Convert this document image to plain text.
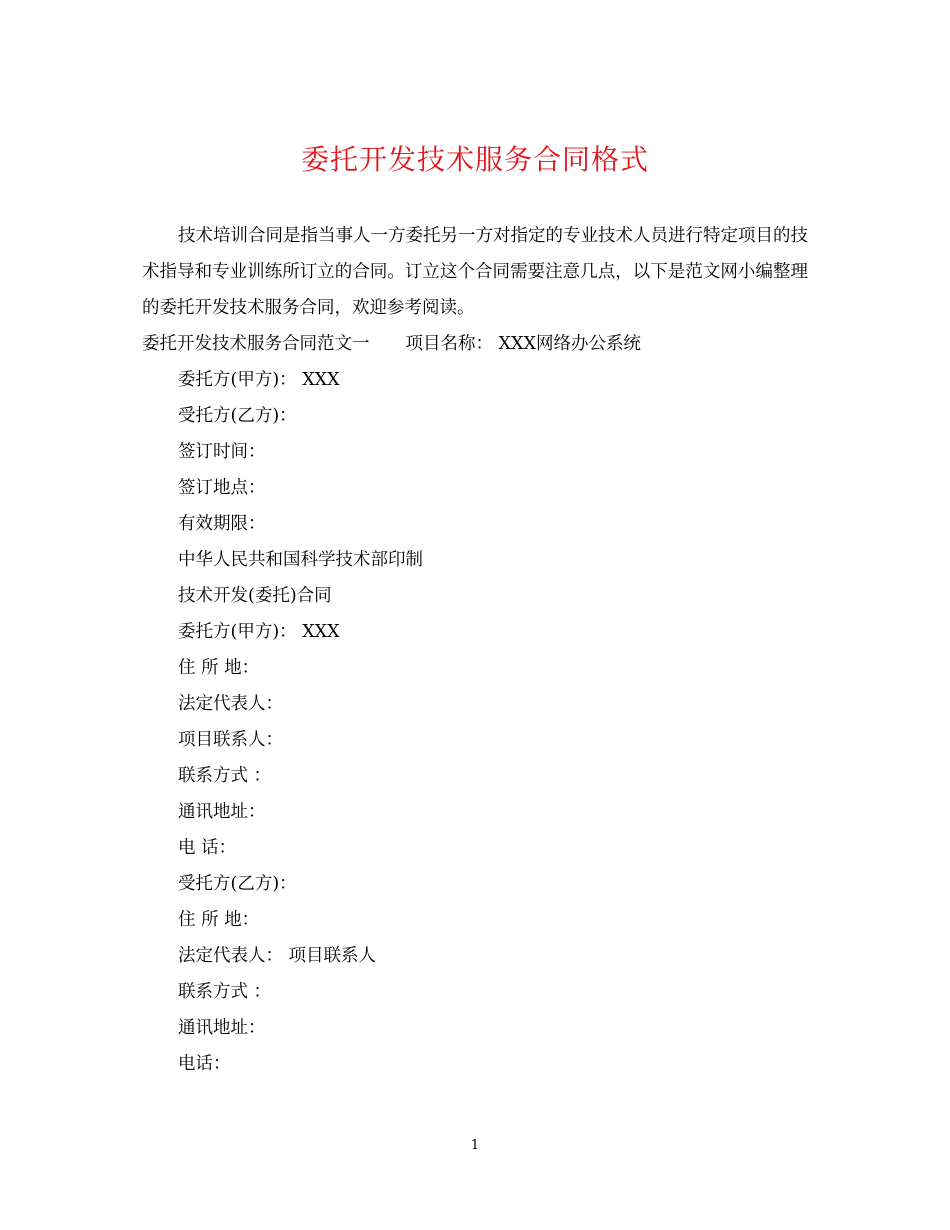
委托开发技术服务合同格式

技术培训合同是指当事人一方委托另一方对指定的专业技术人员进行特定项目的技术指导和专业训练所订立的合同。订立这个合同需要注意几点，以下是范文网小编整理的委托开发技术服务合同，欢迎参考阅读。

委托开发技术服务合同范文一 项目名称： XXX网络办公系统
委托方(甲方)： XXX
受托方(乙方)：
签订时间：
签订地点：
有效期限：
中华人民共和国科学技术部印制
技术开发(委托)合同
委托方(甲方)： XXX
住 所 地：
法定代表人：
项目联系人：
联系方式 ：
通讯地址：
电 话：
受托方(乙方)：
住 所 地：
法定代表人： 项目联系人
联系方式 ：
通讯地址：
电话：
1
